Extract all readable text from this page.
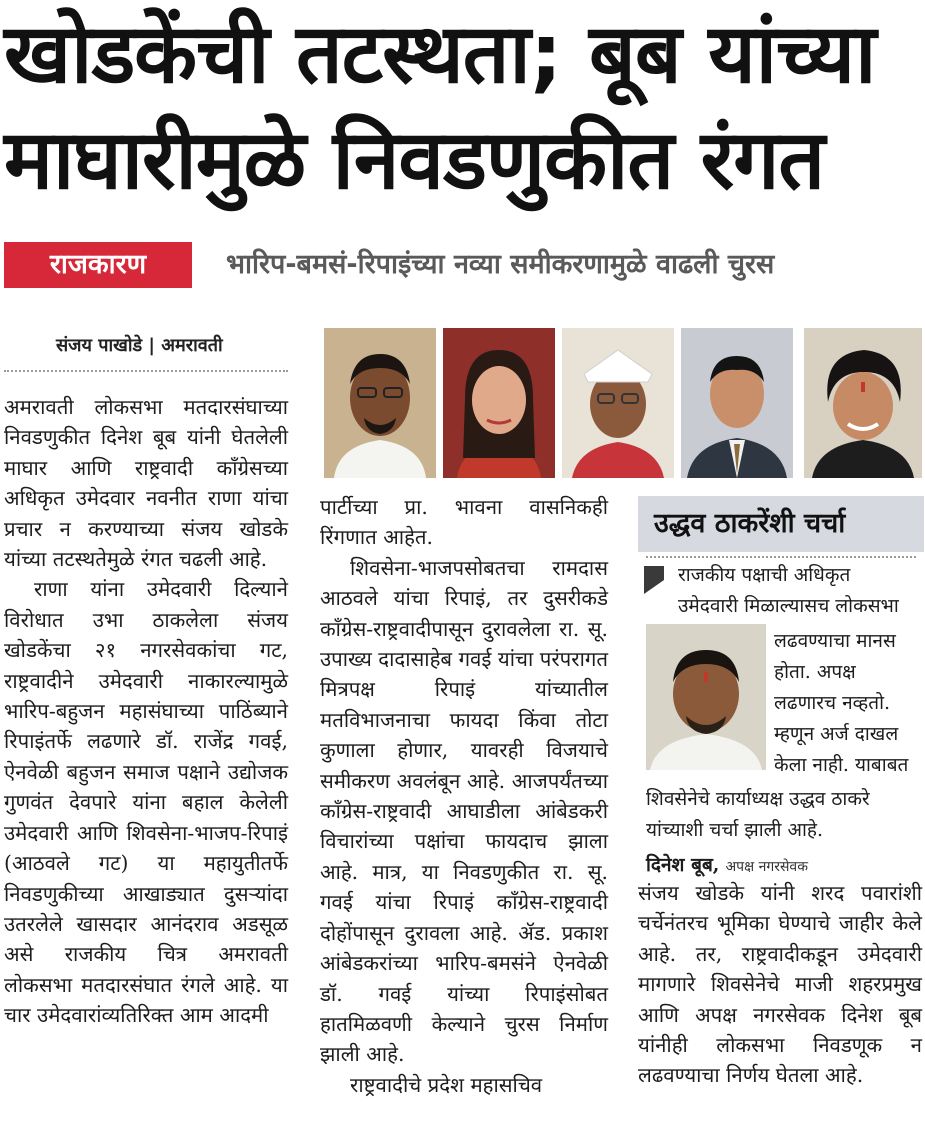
खोडकेंची तटस्थता; बूब यांच्या
माघारीमुळे निवडणुकीत रंगत
राजकारण	भारिप-बमसं-रिपाइंच्या नव्या समीकरणामुळे वाढली चुरस
संजय पाखोडे | अमरावती

अमरावती लोकसभा मतदारसंघाच्या निवडणुकीत दिनेश बूब यांनी घेतलेली माघार आणि राष्ट्रवादी काँग्रेसच्या अधिकृत उमेदवार नवनीत राणा यांचा प्रचार न करण्याच्या संजय खोडके यांच्या तटस्थतेमुळे रंगत चढली आहे.

राणा यांना उमेदवारी दिल्याने विरोधात उभा ठाकलेला संजय खोडकेंचा २१ नगरसेवकांचा गट, राष्ट्रवादीने उमेदवारी नाकारल्यामुळे भारिप-बहुजन महासंघाच्या पाठिंब्याने रिपाइंतर्फे लढणारे डॉ. राजेंद्र गवई, ऐनवेळी बहुजन समाज पक्षाने उद्योजक गुणवंत देवपारे यांना बहाल केलेली उमेदवारी आणि शिवसेना-भाजप-रिपाइं (आठवले गट) या महायुतीतर्फे निवडणुकीच्या आखाड्यात दुसऱ्यांदा उतरलेले खासदार आनंदराव अडसूळ असे राजकीय चित्र अमरावती लोकसभा मतदारसंघात रंगले आहे. या चार उमेदवारांव्यतिरिक्त आम आदमी

पार्टीच्या प्रा. भावना वासनिकही रिंगणात आहेत.

शिवसेना-भाजपसोबतचा रामदास आठवले यांचा रिपाइं, तर दुसरीकडे काँग्रेस-राष्ट्रवादीपासून दुरावलेला रा. सू. उपाख्य दादासाहेब गवई यांचा परंपरागत मित्रपक्ष रिपाइं यांच्यातील मतविभाजनाचा फायदा किंवा तोटा कुणाला होणार, यावरही विजयाचे समीकरण अवलंबून आहे. आजपर्यंतच्या काँग्रेस-राष्ट्रवादी आघाडीला आंबेडकरी विचारांच्या पक्षांचा फायदाच झाला आहे. मात्र, या निवडणुकीत रा. सू. गवई यांचा रिपाइं काँग्रेस-राष्ट्रवादी दोहोंपासून दुरावला आहे. ॲड. प्रकाश आंबेडकरांच्या भारिप-बमसंने ऐनवेळी डॉ. गवई यांच्या रिपाइंसोबत हातमिळवणी केल्याने चुरस निर्माण झाली आहे.

राष्ट्रवादीचे प्रदेश महासचिव

उद्धव ठाकरेंशी चर्चा
राजकीय पक्षाची अधिकृत
उमेदवारी मिळाल्यासच लोकसभा
लढवण्याचा मानस
होता. अपक्ष
लढणारच नव्हतो.
म्हणून अर्ज दाखल
केला नाही. याबाबत
शिवसेनेचे कार्याध्यक्ष उद्धव ठाकरे
यांच्याशी चर्चा झाली आहे.
दिनेश बूब, अपक्ष नगरसेवक

संजय खोडके यांनी शरद पवारांशी चर्चेनंतरच भूमिका घेण्याचे जाहीर केले आहे. तर, राष्ट्रवादीकडून उमेदवारी मागणारे शिवसेनेचे माजी शहरप्रमुख आणि अपक्ष नगरसेवक दिनेश बूब यांनीही लोकसभा निवडणूक न लढवण्याचा निर्णय घेतला आहे.
